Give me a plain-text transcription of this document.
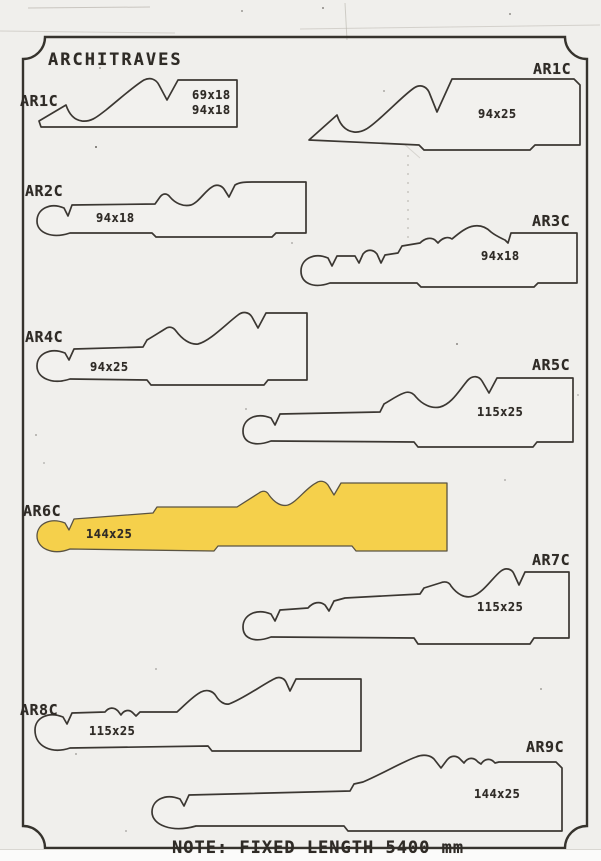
ARCHITRAVES
AR1C
AR1C
AR2C
AR3C
AR4C
AR5C
AR6C
AR7C
AR8C
AR9C
69x18
94x18	94x25
94x18
94x18
94x25
115x25
144x25
115x25
115x25
144x25
NOTE: FIXED LENGTH 5400 mm
